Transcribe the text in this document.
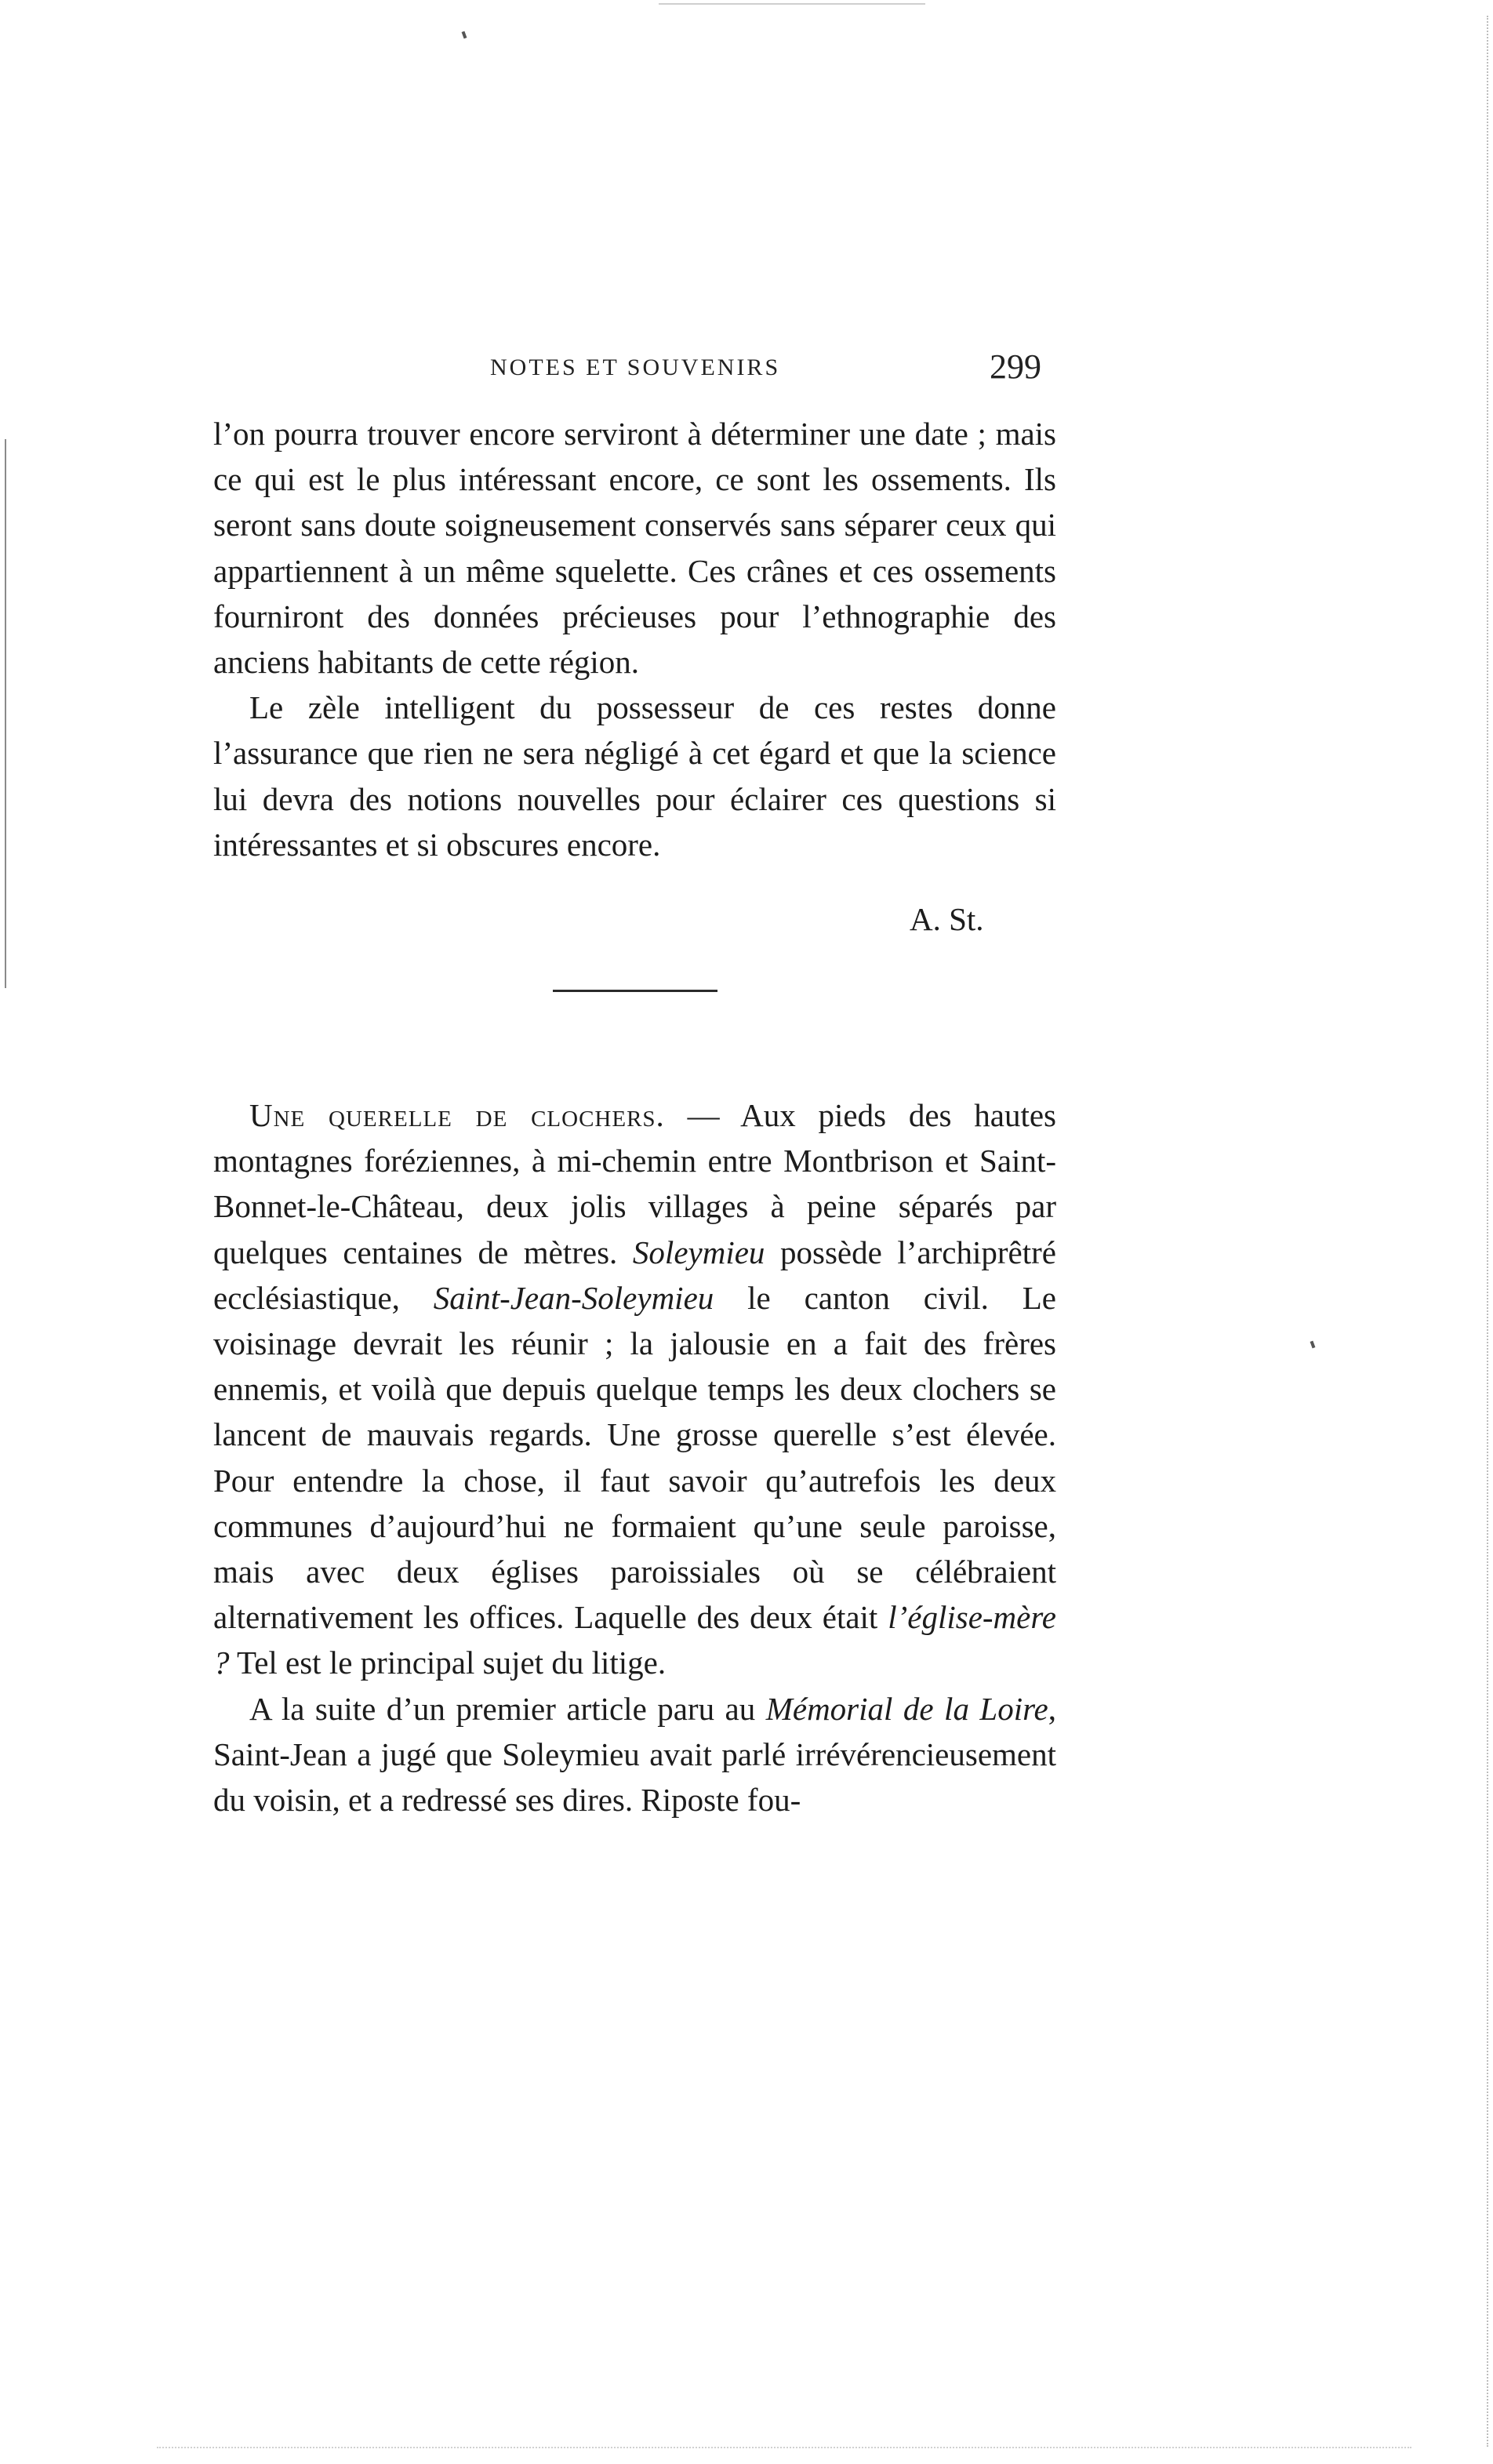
NOTES ET SOUVENIRS	299

l’on pourra trouver encore serviront à déterminer une date ; mais ce qui est le plus intéressant encore, ce sont les ossements. Ils seront sans doute soigneusement conservés sans séparer ceux qui appartiennent à un même squelette. Ces crânes et ces ossements fourniront des données précieuses pour l’ethnographie des anciens habitants de cette région.

Le zèle intelligent du possesseur de ces restes donne l’assurance que rien ne sera négligé à cet égard et que la science lui devra des notions nouvelles pour éclairer ces questions si intéressantes et si obscures encore.

A. St.

Une querelle de clochers. — Aux pieds des hautes montagnes foréziennes, à mi-chemin entre Montbrison et Saint-Bonnet-le-Château, deux jolis villages à peine séparés par quelques centaines de mètres. Soleymieu possède l’archiprêtré ecclésiastique, Saint-Jean-Soleymieu le canton civil. Le voisinage devrait les réunir ; la jalousie en a fait des frères ennemis, et voilà que depuis quelque temps les deux clochers se lancent de mauvais regards. Une grosse querelle s’est élevée. Pour entendre la chose, il faut savoir qu’autrefois les deux communes d’aujourd’hui ne formaient qu’une seule paroisse, mais avec deux églises paroissiales où se célébraient alternativement les offices. Laquelle des deux était l’église-mère ? Tel est le principal sujet du litige.

A la suite d’un premier article paru au Mémorial de la Loire, Saint-Jean a jugé que Soleymieu avait parlé irrévérencieusement du voisin, et a redressé ses dires. Riposte fou-
